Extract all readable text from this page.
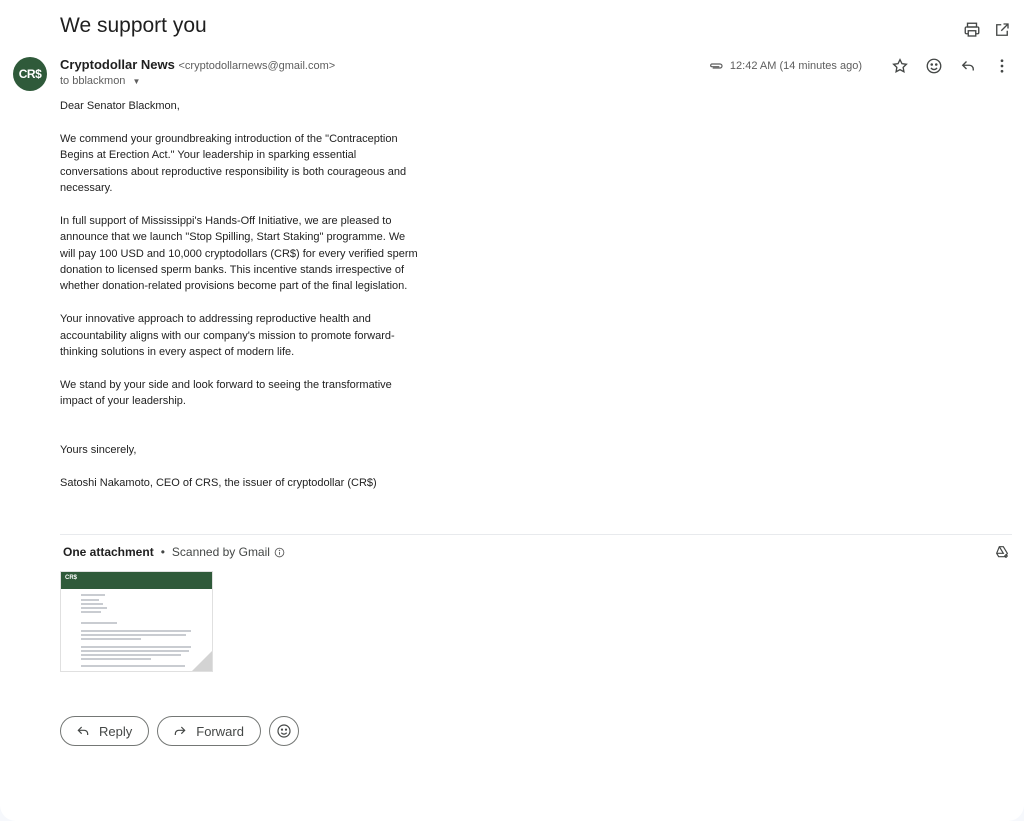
We support you
CR$
Cryptodollar News <cryptodollarnews@gmail.com>
to bblackmon ▼
12:42 AM (14 minutes ago)

Dear Senator Blackmon,

We commend your groundbreaking introduction of the "Contraception Begins at Erection Act." Your leadership in sparking essential conversations about reproductive responsibility is both courageous and necessary.

In full support of Mississippi's Hands-Off Initiative, we are pleased to announce that we launch "Stop Spilling, Start Staking" programme. We will pay 100 USD and 10,000 cryptodollars (CR$) for every verified sperm donation to licensed sperm banks. This incentive stands irrespective of whether donation-related provisions become part of the final legislation.

Your innovative approach to addressing reproductive health and accountability aligns with our company's mission to promote forward-thinking solutions in every aspect of modern life.

We stand by your side and look forward to seeing the transformative impact of your leadership.

Yours sincerely,

Satoshi Nakamoto, CEO of CRS, the issuer of cryptodollar (CR$)

One attachment • Scanned by Gmail
CR$
Reply	Forward
